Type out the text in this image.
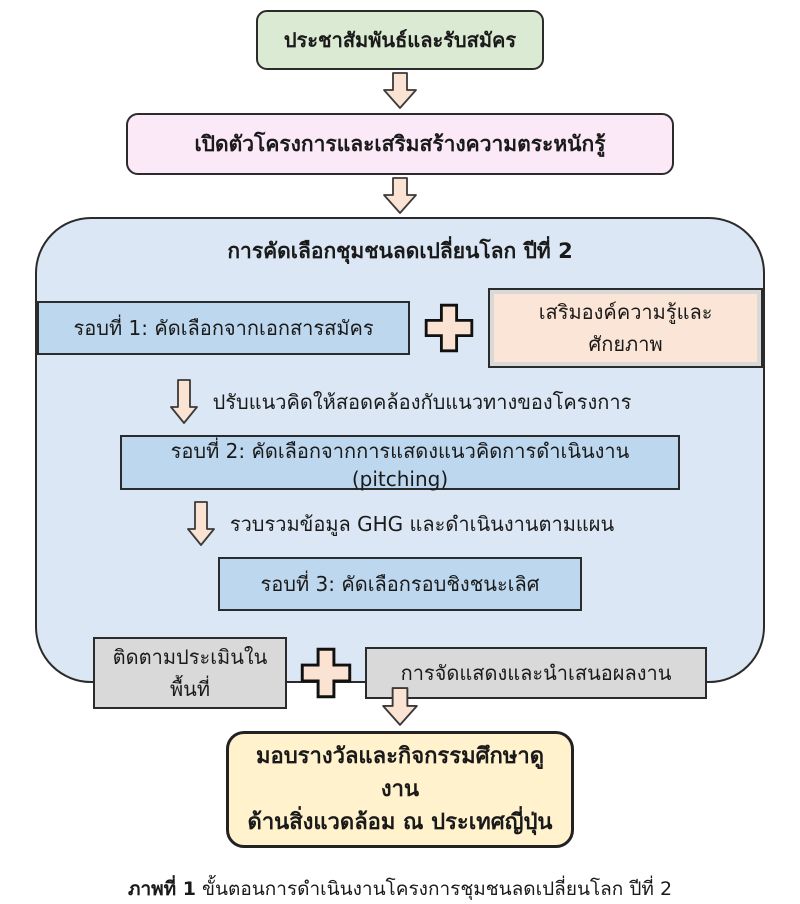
ประชาสัมพันธ์และรับสมัคร
เปิดตัวโครงการและเสริมสร้างความตระหนักรู้
การคัดเลือกชุมชนลดเปลี่ยนโลก ปีที่ 2
รอบที่ 1: คัดเลือกจากเอกสารสมัคร
เสริมองค์ความรู้และศักยภาพ
ปรับแนวคิดให้สอดคล้องกับแนวทางของโครงการ
รอบที่ 2: คัดเลือกจากการแสดงแนวคิดการดำเนินงาน (pitching)
รวบรวมข้อมูล GHG และดำเนินงานตามแผน
รอบที่ 3: คัดเลือกรอบชิงชนะเลิศ
ติดตามประเมินในพื้นที่
การจัดแสดงและนำเสนอผลงาน
มอบรางวัลและกิจกรรมศึกษาดูงาน
ด้านสิ่งแวดล้อม ณ ประเทศญี่ปุ่น
ภาพที่ 1 ขั้นตอนการดำเนินงานโครงการชุมชนลดเปลี่ยนโลก ปีที่ 2
